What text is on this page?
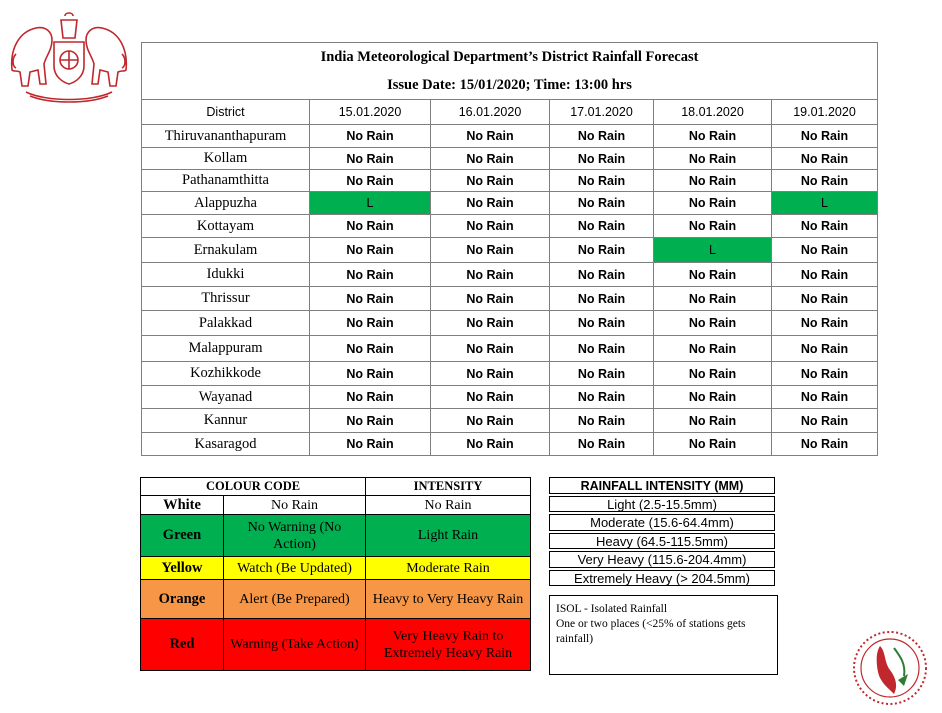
India Meteorological Department’s District Rainfall Forecast
Issue Date: 15/01/2020; Time: 13:00 hrs					

District	15.01.2020	16.01.2020	17.01.2020	18.01.2020	19.01.2020
Thiruvananthapuram	No Rain	No Rain	No Rain	No Rain	No Rain
Kollam	No Rain	No Rain	No Rain	No Rain	No Rain
Pathanamthitta	No Rain	No Rain	No Rain	No Rain	No Rain
Alappuzha	L	No Rain	No Rain	No Rain	L
Kottayam	No Rain	No Rain	No Rain	No Rain	No Rain
Ernakulam	No Rain	No Rain	No Rain	L	No Rain
Idukki	No Rain	No Rain	No Rain	No Rain	No Rain
Thrissur	No Rain	No Rain	No Rain	No Rain	No Rain
Palakkad	No Rain	No Rain	No Rain	No Rain	No Rain
Malappuram	No Rain	No Rain	No Rain	No Rain	No Rain
Kozhikkode	No Rain	No Rain	No Rain	No Rain	No Rain
Wayanad	No Rain	No Rain	No Rain	No Rain	No Rain
Kannur	No Rain	No Rain	No Rain	No Rain	No Rain
Kasaragod	No Rain	No Rain	No Rain	No Rain	No Rain
COLOUR CODE		INTENSITY
White	No Rain	No Rain
Green	No Warning (No Action)	Light Rain
Yellow	Watch (Be Updated)	Moderate Rain
Orange	Alert (Be Prepared)	Heavy to Very Heavy Rain
Red	Warning (Take Action)	Very Heavy Rain to Extremely Heavy Rain
RAINFALL INTENSITY (MM)
Light (2.5-15.5mm)
Moderate (15.6-64.4mm)
Heavy (64.5-115.5mm)
Very Heavy (115.6-204.4mm)
Extremely Heavy (> 204.5mm)
ISOL - Isolated Rainfall
One or two places (<25% of stations gets rainfall)
